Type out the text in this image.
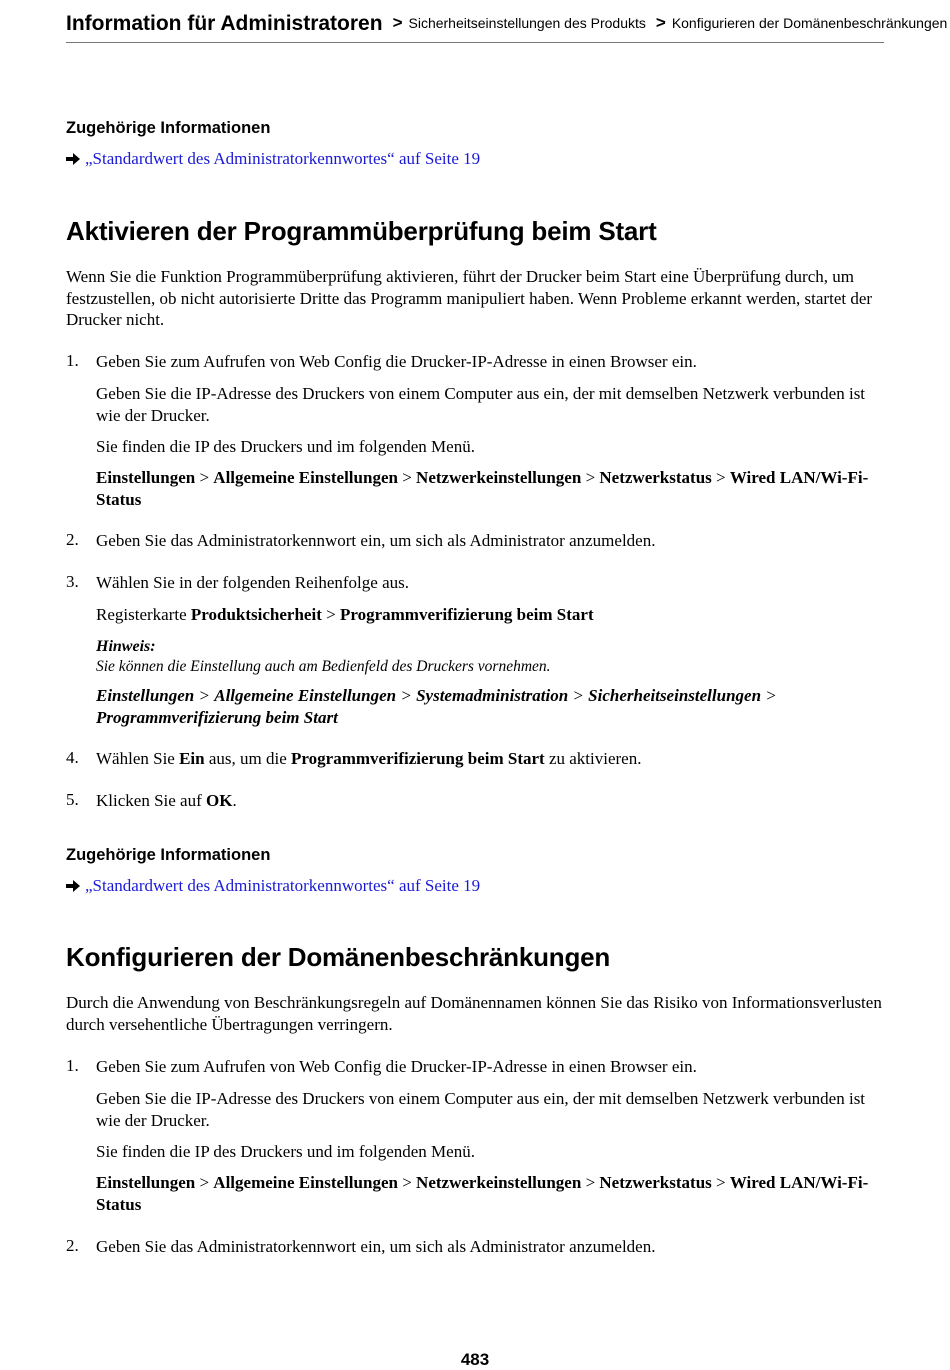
Information für Administratoren > Sicherheitseinstellungen des Produkts > Konfigurieren der Domänenbeschränkungen
Zugehörige Informationen
„Standardwert des Administratorkennwortes“ auf Seite 19
Aktivieren der Programmüberprüfung beim Start

Wenn Sie die Funktion Programmüberprüfung aktivieren, führt der Drucker beim Start eine Überprüfung durch, um festzustellen, ob nicht autorisierte Dritte das Programm manipuliert haben. Wenn Probleme erkannt werden, startet der Drucker nicht.

1. Geben Sie zum Aufrufen von Web Config die Drucker-IP-Adresse in einen Browser ein.
Geben Sie die IP-Adresse des Druckers von einem Computer aus ein, der mit demselben Netzwerk verbunden ist wie der Drucker.
Sie finden die IP des Druckers und im folgenden Menü.
Einstellungen > Allgemeine Einstellungen > Netzwerkeinstellungen > Netzwerkstatus > Wired LAN/Wi-Fi-Status
2. Geben Sie das Administratorkennwort ein, um sich als Administrator anzumelden.
3. Wählen Sie in der folgenden Reihenfolge aus.
Registerkarte Produktsicherheit > Programmverifizierung beim Start
Hinweis:
Sie können die Einstellung auch am Bedienfeld des Druckers vornehmen.
Einstellungen > Allgemeine Einstellungen > Systemadministration > Sicherheitseinstellungen >
Programmverifizierung beim Start
4. Wählen Sie Ein aus, um die Programmverifizierung beim Start zu aktivieren.
5. Klicken Sie auf OK.
Zugehörige Informationen
„Standardwert des Administratorkennwortes“ auf Seite 19
Konfigurieren der Domänenbeschränkungen

Durch die Anwendung von Beschränkungsregeln auf Domänennamen können Sie das Risiko von Informationsverlusten durch versehentliche Übertragungen verringern.

1. Geben Sie zum Aufrufen von Web Config die Drucker-IP-Adresse in einen Browser ein.
Geben Sie die IP-Adresse des Druckers von einem Computer aus ein, der mit demselben Netzwerk verbunden ist wie der Drucker.
Sie finden die IP des Druckers und im folgenden Menü.
Einstellungen > Allgemeine Einstellungen > Netzwerkeinstellungen > Netzwerkstatus > Wired LAN/Wi-Fi-Status
2. Geben Sie das Administratorkennwort ein, um sich als Administrator anzumelden.
483
